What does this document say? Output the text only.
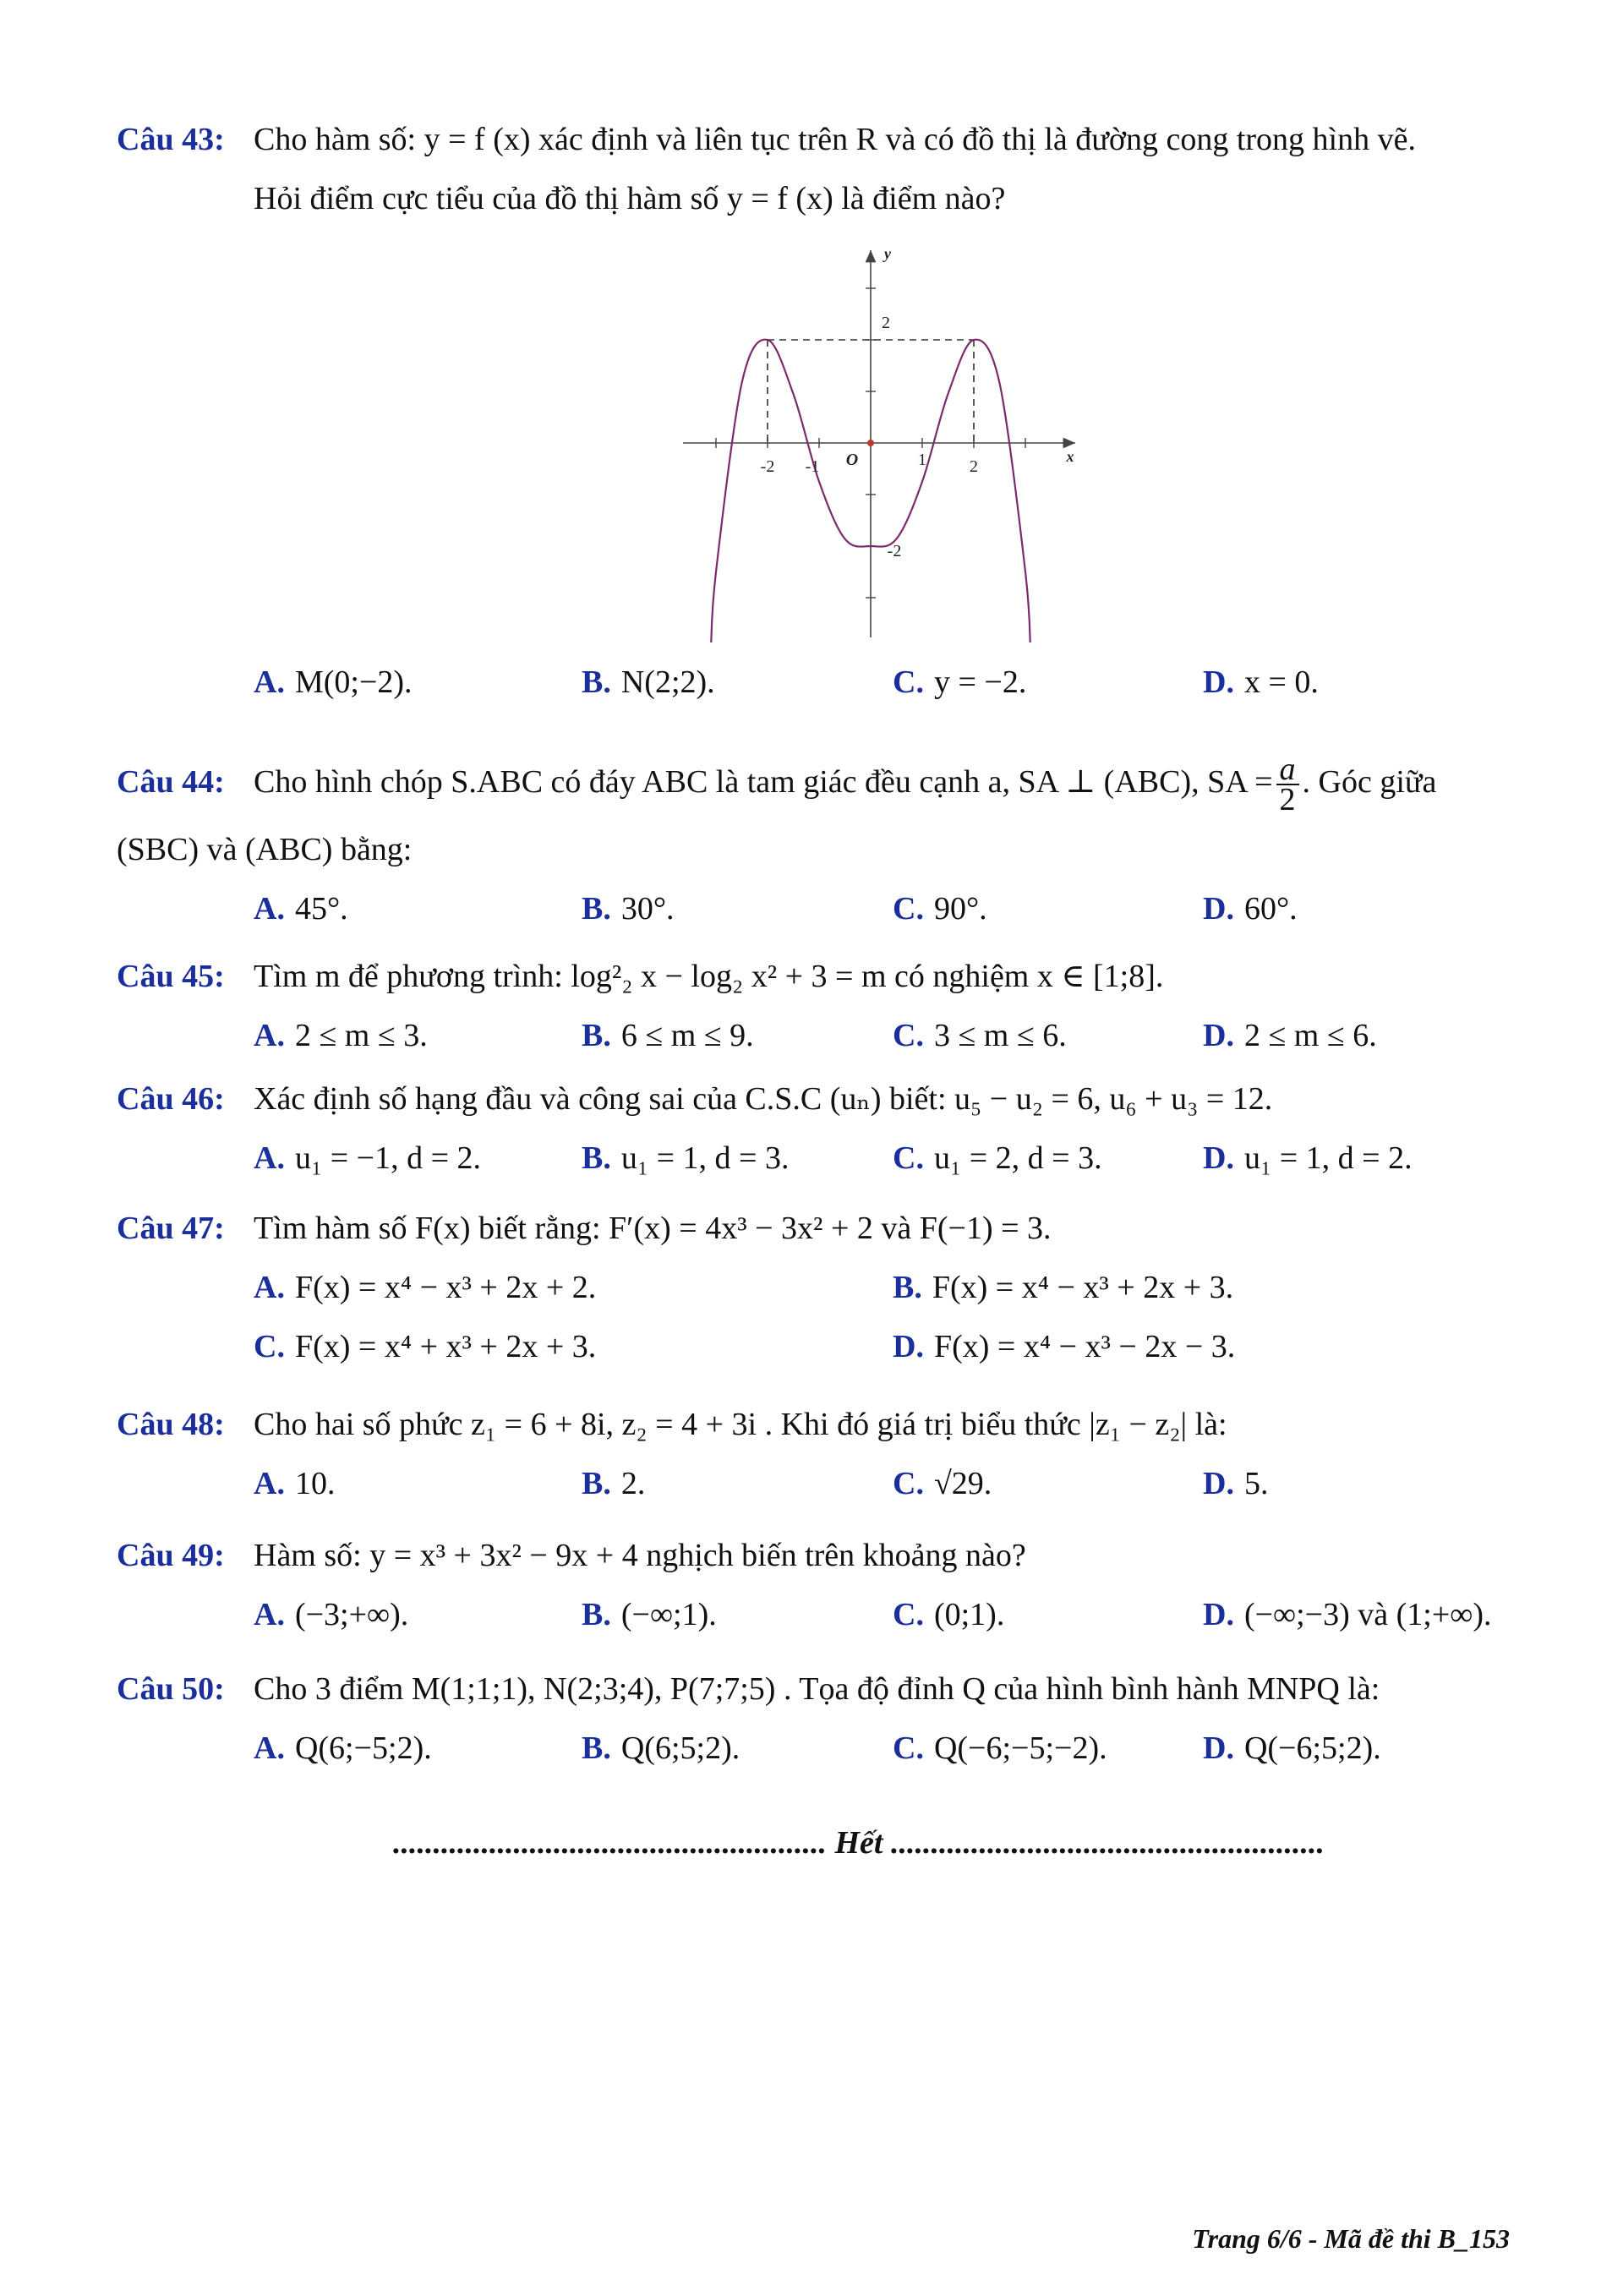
Câu 43: Cho hàm số: y = f (x) xác định và liên tục trên R và có đồ thị là đường cong trong hình vẽ.
Hỏi điểm cực tiểu của đồ thị hàm số y = f (x) là điểm nào?
-2 -1	1	2
2
-2
O	x
y
A. M(0;−2).	B. N(2;2).	C. y = −2.	D. x = 0.
Câu 44: Cho hình chóp S.ABC có đáy ABC là tam giác đều cạnh a, SA ⊥ (ABC), SA = $\frac{a}{2}$ . Góc giữa
(SBC) và (ABC) bằng:
A. 45°.	B. 30°.	C. 90°.	D. 60°.
Câu 45: Tìm m để phương trình: log²₂ x − log₂ x² + 3 = m có nghiệm x ∈ [1;8].
A. 2 ≤ m ≤ 3.	B. 6 ≤ m ≤ 9.	C. 3 ≤ m ≤ 6.	D. 2 ≤ m ≤ 6.
Câu 46: Xác định số hạng đầu và công sai của C.S.C (uₙ) biết: u₅ − u₂ = 6, u₆ + u₃ = 12.
A. u₁ = −1, d = 2.	B. u₁ = 1, d = 3.	C. u₁ = 2, d = 3.	D. u₁ = 1, d = 2.
Câu 47: Tìm hàm số F(x) biết rằng: F′(x) = 4x³ − 3x² + 2 và F(−1) = 3.
A. F(x) = x⁴ − x³ + 2x + 2.	B. F(x) = x⁴ − x³ + 2x + 3.
C. F(x) = x⁴ + x³ + 2x + 3.	D. F(x) = x⁴ − x³ − 2x − 3.
Câu 48: Cho hai số phức z₁ = 6 + 8i, z₂ = 4 + 3i . Khi đó giá trị biểu thức |z₁ − z₂| là:
A. 10.	B. 2.	C. √29.	D. 5.
Câu 49: Hàm số: y = x³ + 3x² − 9x + 4 nghịch biến trên khoảng nào?
A. (−3;+∞).	B. (−∞;1).	C. (0;1).	D. (−∞;−3) và (1;+∞).
Câu 50: Cho 3 điểm M(1;1;1), N(2;3;4), P(7;7;5) . Tọa độ đỉnh Q của hình bình hành MNPQ là:
A. Q(6;−5;2).	B. Q(6;5;2).	C. Q(−6;−5;−2).	D. Q(−6;5;2).
...................................................... Hết ......................................................
Trang 6/6 - Mã đề thi B_153
